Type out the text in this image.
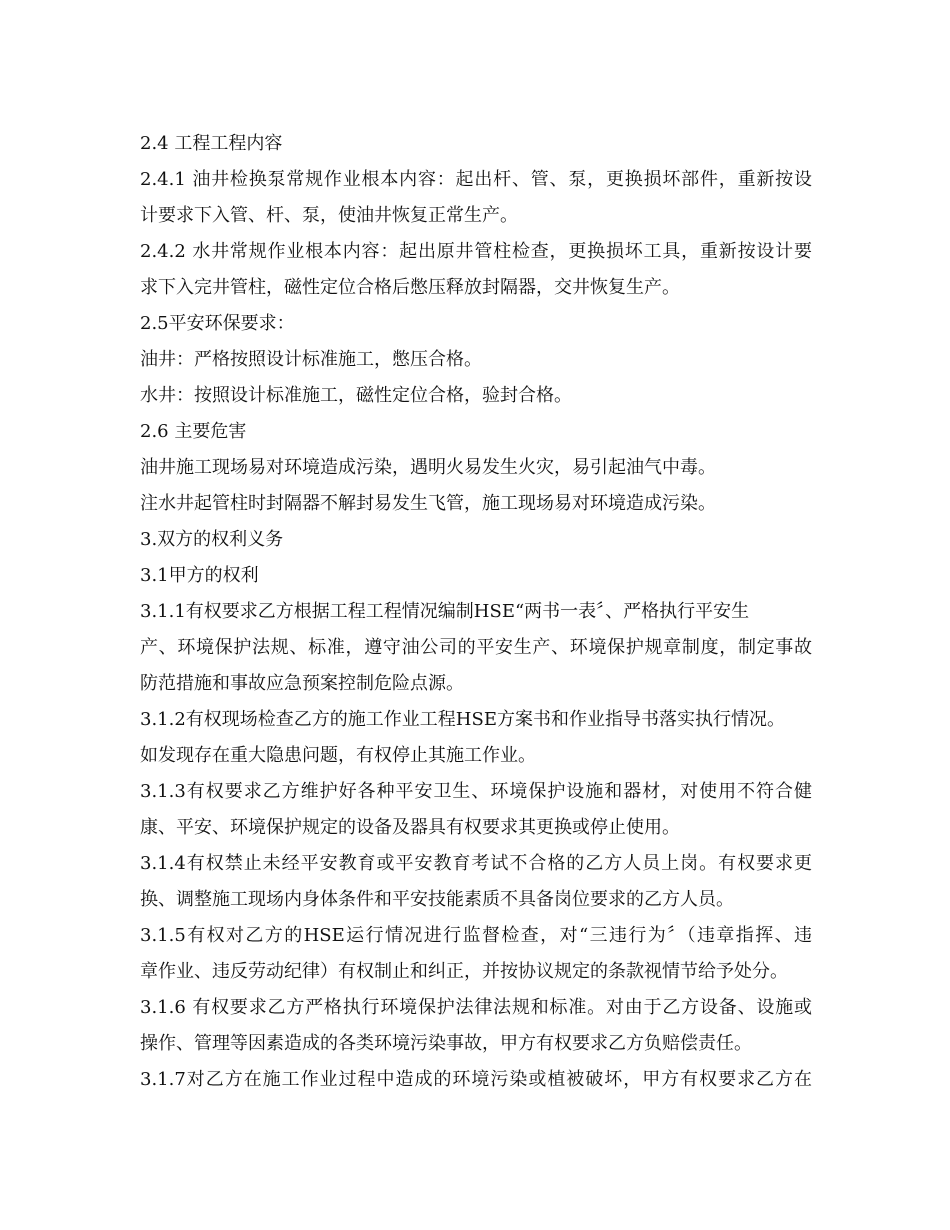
2.4 工程工程内容
2.4.1 油井检换泵常规作业根本内容：起出杆、管、泵，更换损坏部件，重新按设
计要求下入管、杆、泵，使油井恢复正常生产。
2.4.2 水井常规作业根本内容：起出原井管柱检查，更换损坏工具，重新按设计要
求下入完井管柱，磁性定位合格后憋压释放封隔器，交井恢复生产。
2.5平安环保要求：
油井：严格按照设计标准施工，憋压合格。
水井：按照设计标准施工，磁性定位合格，验封合格。
2.6 主要危害
油井施工现场易对环境造成污染，遇明火易发生火灾，易引起油气中毒。
注水井起管柱时封隔器不解封易发生飞管，施工现场易对环境造成污染。
3.双方的权利义务
3.1甲方的权利
3.1.1有权要求乙方根据工程工程情况编制HSE“两书一表〞、严格执行平安生
产、环境保护法规、标准，遵守油公司的平安生产、环境保护规章制度，制定事故
防范措施和事故应急预案控制危险点源。
3.1.2有权现场检查乙方的施工作业工程HSE方案书和作业指导书落实执行情况。
如发现存在重大隐患问题，有权停止其施工作业。
3.1.3有权要求乙方维护好各种平安卫生、环境保护设施和器材，对使用不符合健
康、平安、环境保护规定的设备及器具有权要求其更换或停止使用。
3.1.4有权禁止未经平安教育或平安教育考试不合格的乙方人员上岗。有权要求更
换、调整施工现场内身体条件和平安技能素质不具备岗位要求的乙方人员。
3.1.5有权对乙方的HSE运行情况进行监督检查，对“三违行为〞（违章指挥、违
章作业、违反劳动纪律）有权制止和纠正，并按协议规定的条款视情节给予处分。
3.1.6 有权要求乙方严格执行环境保护法律法规和标准。对由于乙方设备、设施或
操作、管理等因素造成的各类环境污染事故，甲方有权要求乙方负赔偿责任。
3.1.7对乙方在施工作业过程中造成的环境污染或植被破坏，甲方有权要求乙方在
